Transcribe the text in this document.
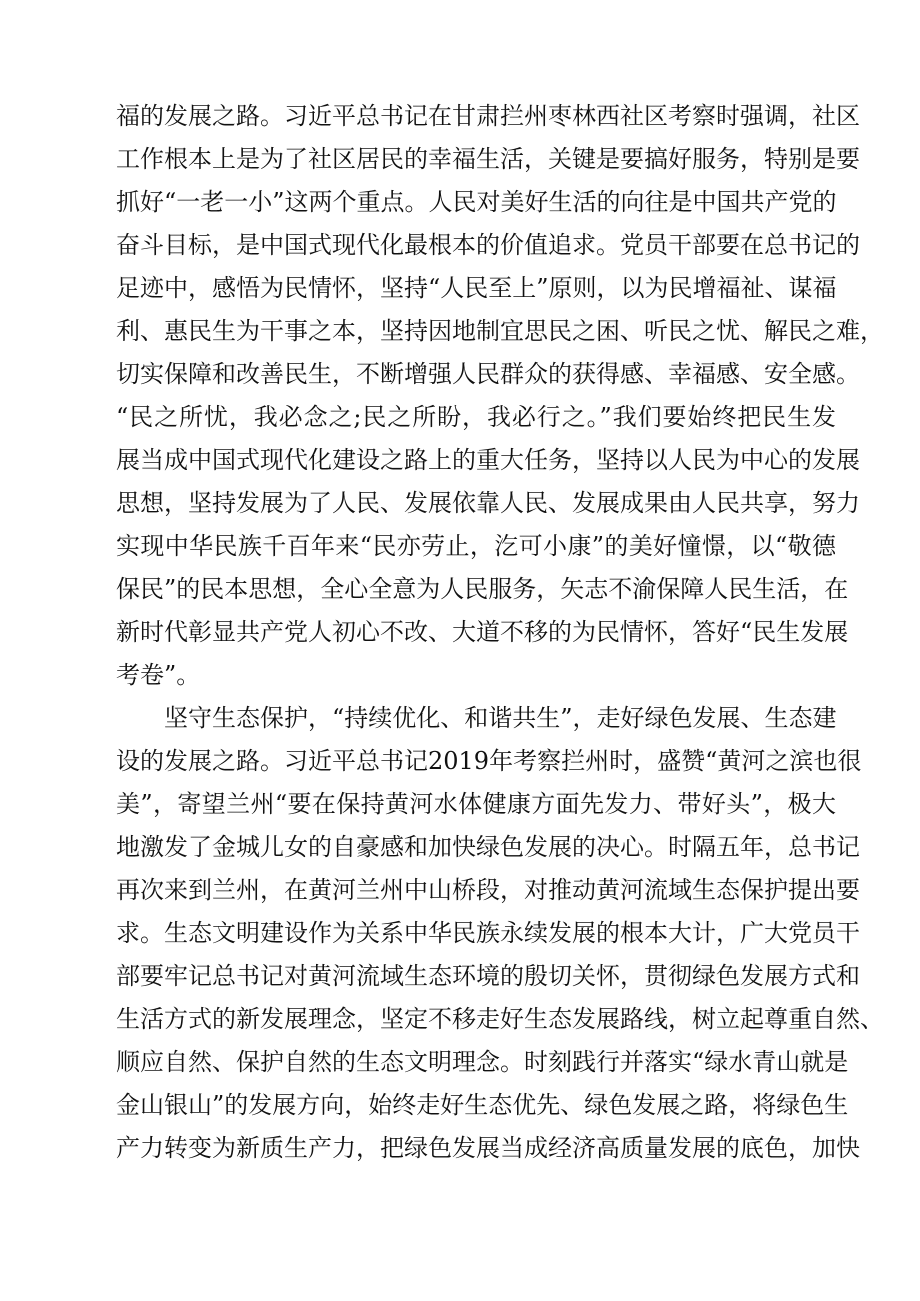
福的发展之路。习近平总书记在甘肃拦州枣林西社区考察时强调，社区
工作根本上是为了社区居民的幸福生活，关键是要搞好服务，特别是要
抓好“一老一小”这两个重点。人民对美好生活的向往是中国共产党的
奋斗目标，是中国式现代化最根本的价值追求。党员干部要在总书记的
足迹中，感悟为民情怀，坚持“人民至上”原则，以为民增福祉、谋福
利、惠民生为干事之本，坚持因地制宜思民之困、听民之忧、解民之难，
切实保障和改善民生，不断增强人民群众的获得感、幸福感、安全感。
“民之所忧，我必念之;民之所盼，我必行之。”我们要始终把民生发
展当成中国式现代化建设之路上的重大任务，坚持以人民为中心的发展
思想，坚持发展为了人民、发展依靠人民、发展成果由人民共享，努力
实现中华民族千百年来“民亦劳止，汔可小康”的美好憧憬，以“敬德
保民”的民本思想，全心全意为人民服务，矢志不渝保障人民生活，在
新时代彰显共产党人初心不改、大道不移的为民情怀，答好“民生发展
考卷”。
坚守生态保护，“持续优化、和谐共生”，走好绿色发展、生态建
设的发展之路。习近平总书记2019年考察拦州时，盛赞“黄河之滨也很
美”，寄望兰州“要在保持黄河水体健康方面先发力、带好头”，极大
地激发了金城儿女的自豪感和加快绿色发展的决心。时隔五年，总书记
再次来到兰州，在黄河兰州中山桥段，对推动黄河流域生态保护提出要
求。生态文明建设作为关系中华民族永续发展的根本大计，广大党员干
部要牢记总书记对黄河流域生态环境的殷切关怀，贯彻绿色发展方式和
生活方式的新发展理念，坚定不移走好生态发展路线，树立起尊重自然、
顺应自然、保护自然的生态文明理念。时刻践行并落实“绿水青山就是
金山银山”的发展方向，始终走好生态优先、绿色发展之路，将绿色生
产力转变为新质生产力，把绿色发展当成经济高质量发展的底色，加快
